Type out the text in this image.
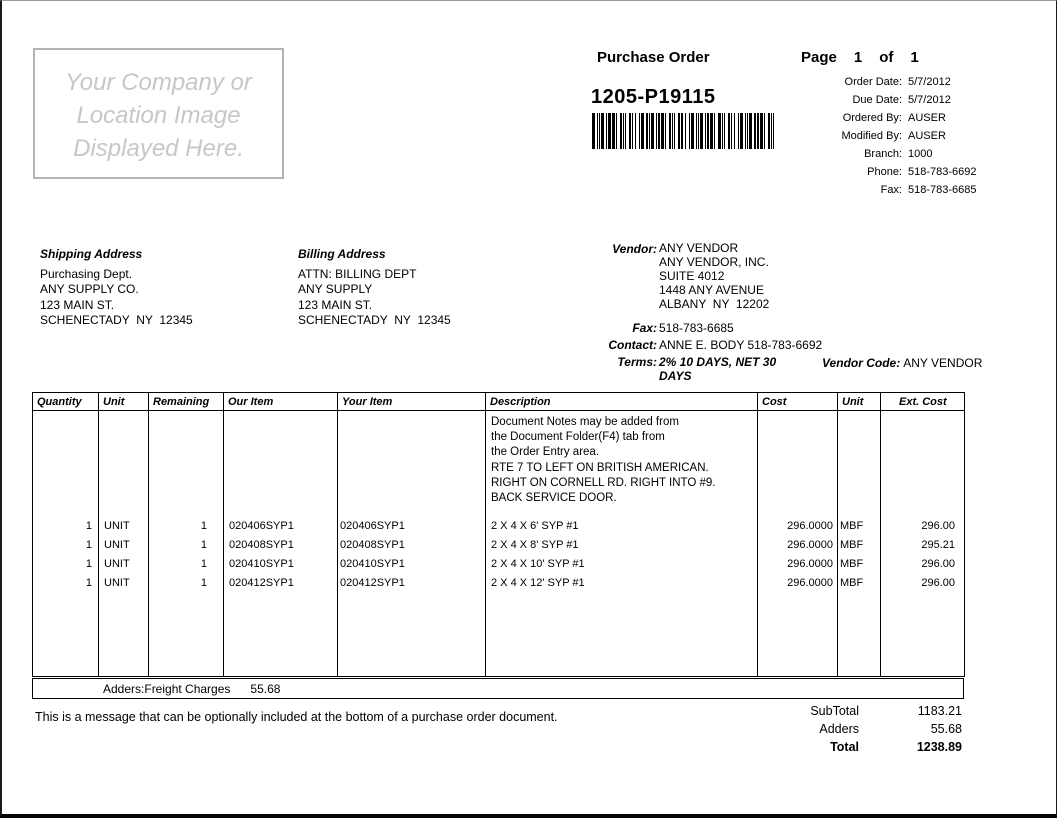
Your Company or
Location Image
Displayed Here.
Purchase Order
1205-P19115
Page 1 of 1
Order Date: 5/7/2012
Due Date: 5/7/2012
Ordered By: AUSER
Modified By: AUSER
Branch: 1000
Phone: 518-783-6692
Fax: 518-783-6685
Shipping Address
Purchasing Dept.
ANY SUPPLY CO.
123 MAIN ST.
SCHENECTADY  NY  12345
Billing Address
ATTN: BILLING DEPT
ANY SUPPLY
123 MAIN ST.
SCHENECTADY  NY  12345
Vendor: ANY VENDOR
ANY VENDOR, INC.
SUITE 4012
1448 ANY AVENUE
ALBANY  NY  12202
Fax: 518-783-6685
Contact: ANNE E. BODY 518-783-6692
Terms: 2% 10 DAYS, NET 30 DAYS
Vendor Code: ANY VENDOR
Quantity	Unit	Remaining	Our Item	Your Item	Description	Cost	Unit	Ext. Cost

Document Notes may be added from
the Document Folder(F4) tab from
the Order Entry area.
RTE 7 TO LEFT ON BRITISH AMERICAN.
RIGHT ON CORNELL RD. RIGHT INTO #9.
BACK SERVICE DOOR.

1	UNIT	1	020406SYP1	020406SYP1	2 X 4 X 6' SYP #1	296.0000	MBF	296.00
1	UNIT	1	020408SYP1	020408SYP1	2 X 4 X 8' SYP #1	296.0000	MBF	295.21
1	UNIT	1	020410SYP1	020410SYP1	2 X 4 X 10' SYP #1	296.0000	MBF	296.00
1	UNIT	1	020412SYP1	020412SYP1	2 X 4 X 12' SYP #1	296.0000	MBF	296.00

Adders: Freight Charges 55.68
This is a message that can be optionally included at the bottom of a purchase order document.	SubTotal	1183.21
Adders	55.68
Total	1238.89
